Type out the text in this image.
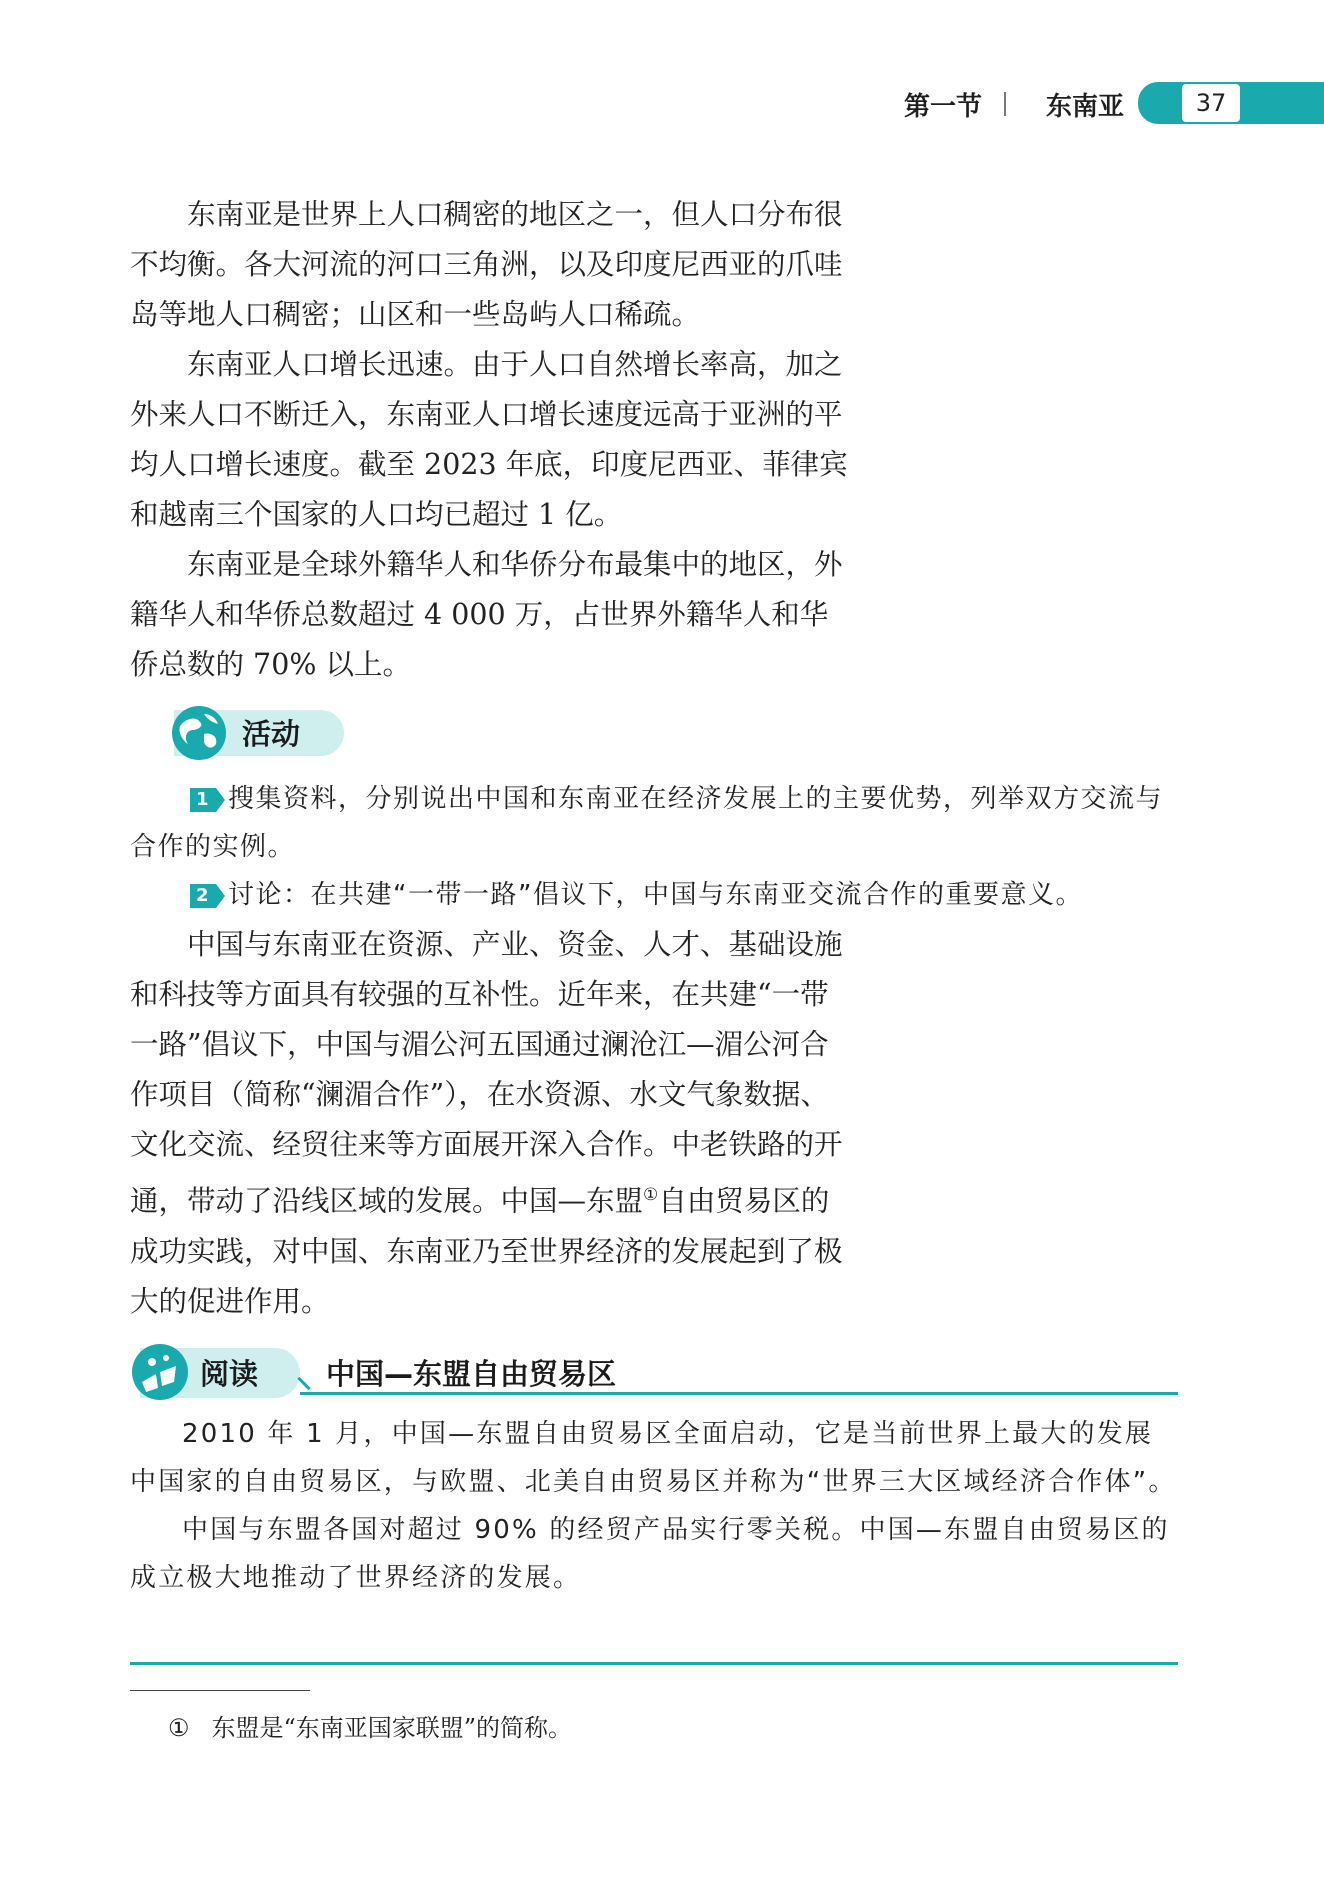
第一节 东南亚	37

东南亚是世界上人口稠密的地区之一，但人口分布很不均衡。各大河流的河口三角洲，以及印度尼西亚的爪哇岛等地人口稠密；山区和一些岛屿人口稀疏。

东南亚人口增长迅速。由于人口自然增长率高，加之外来人口不断迁入，东南亚人口增长速度远高于亚洲的平均人口增长速度。截至 2023 年底，印度尼西亚、菲律宾和越南三个国家的人口均已超过 1 亿。

东南亚是全球外籍华人和华侨分布最集中的地区，外籍华人和华侨总数超过 4 000 万，占世界外籍华人和华侨总数的 70% 以上。

活动

1 搜集资料，分别说出中国和东南亚在经济发展上的主要优势，列举双方交流与合作的实例。

2 讨论：在共建“一带一路”倡议下，中国与东南亚交流合作的重要意义。

中国与东南亚在资源、产业、资金、人才、基础设施和科技等方面具有较强的互补性。近年来，在共建“一带一路”倡议下，中国与湄公河五国通过澜沧江—湄公河合作项目（简称“澜湄合作”），在水资源、水文气象数据、文化交流、经贸往来等方面展开深入合作。中老铁路的开通，带动了沿线区域的发展。中国—东盟①自由贸易区的成功实践，对中国、东南亚乃至世界经济的发展起到了极大的促进作用。

阅读 中国—东盟自由贸易区

2010 年 1 月，中国—东盟自由贸易区全面启动，它是当前世界上最大的发展中国家的自由贸易区，与欧盟、北美自由贸易区并称为“世界三大区域经济合作体”。

中国与东盟各国对超过 90% 的经贸产品实行零关税。中国—东盟自由贸易区的成立极大地推动了世界经济的发展。

① 东盟是“东南亚国家联盟”的简称。
